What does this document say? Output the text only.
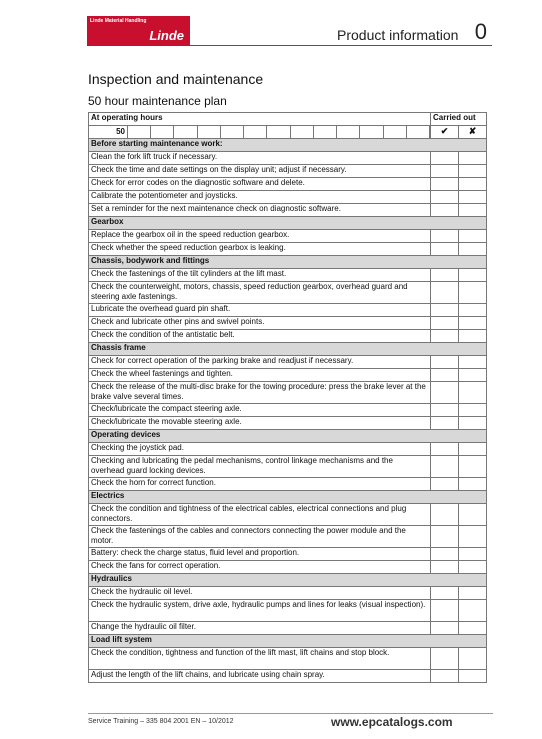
Linde Material Handling
Linde	Product information 0
Inspection and maintenance
50 hour maintenance plan
At operating hours	Carried out	

50	✔	✘
Before starting maintenance work:		
Clean the fork lift truck if necessary.		
Check the time and date settings on the display unit; adjust if necessary.		
Check for error codes on the diagnostic software and delete.		
Calibrate the potentiometer and joysticks.		
Set a reminder for the next maintenance check on diagnostic software.		
Gearbox		
Replace the gearbox oil in the speed reduction gearbox.		
Check whether the speed reduction gearbox is leaking.		
Chassis, bodywork and fittings		
Check the fastenings of the tilt cylinders at the lift mast.		
Check the counterweight, motors, chassis, speed reduction gearbox, overhead guard and steering axle fastenings.		
Lubricate the overhead guard pin shaft.		
Check and lubricate other pins and swivel points.		
Check the condition of the antistatic belt.		
Chassis frame		
Check for correct operation of the parking brake and readjust if necessary.		
Check the wheel fastenings and tighten.		
Check the release of the multi-disc brake for the towing procedure: press the brake lever at the brake valve several times.		
Check/lubricate the compact steering axle.		
Check/lubricate the movable steering axle.		
Operating devices		
Checking the joystick pad.		
Checking and lubricating the pedal mechanisms, control linkage mechanisms and the overhead guard locking devices.		
Check the horn for correct function.		
Electrics		
Check the condition and tightness of the electrical cables, electrical connections and plug connectors.		
Check the fastenings of the cables and connectors connecting the power module and the motor.		
Battery: check the charge status, fluid level and proportion.		
Check the fans for correct operation.		
Hydraulics		
Check the hydraulic oil level.		
Check the hydraulic system, drive axle, hydraulic pumps and lines for leaks (visual inspection).		
Change the hydraulic oil filter.		
Load lift system		
Check the condition, tightness and function of the lift mast, lift chains and stop block.		
Adjust the length of the lift chains, and lubricate using chain spray.		
Service Training – 335 804 2001 EN – 10/2012	www.epcatalogs.com
